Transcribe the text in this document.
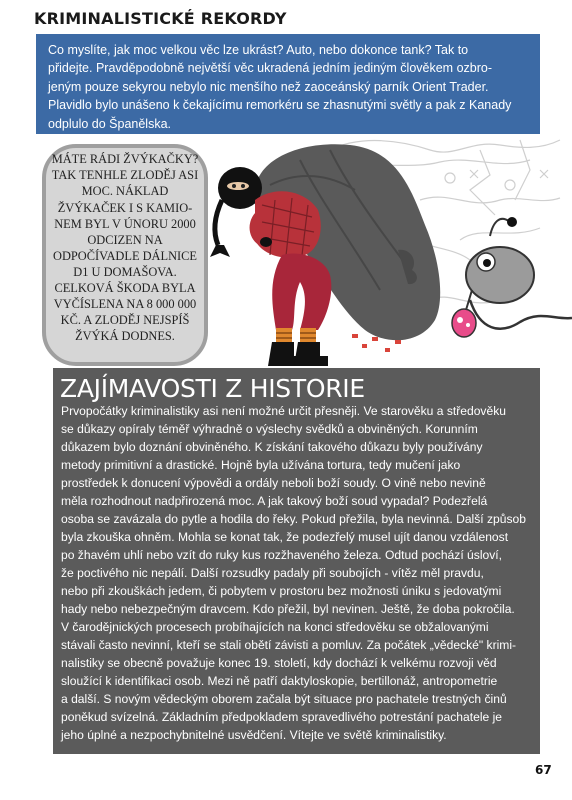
KRIMINALISTICKÉ REKORDY
Co myslíte, jak moc velkou věc lze ukrást? Auto, nebo dokonce tank? Tak to
přidejte. Pravděpodobně největší věc ukradená jedním jediným člověkem ozbro-
jeným pouze sekyrou nebylo nic menšího než zaoceánský parník Orient Trader.
Plavidlo bylo unášeno k čekajícímu remorkéru se zhasnutými světly a pak z Kanady
odplulo do Španělska.
MÁTE RÁDI ŽVÝKAČKY?
TAK TENHLE ZLODĚJ ASI
MOC. NÁKLAD
ŽVÝKAČEK I S KAMIO-
NEM BYL V ÚNORU 2000
ODCIZEN NA
ODPOČÍVADLE DÁLNICE
D1 U DOMAŠOVA.
CELKOVÁ ŠKODA BYLA
VYČÍSLENA NA 8 000 000
KČ. A ZLODĚJ NEJSPÍŠ
ŽVÝKÁ DODNES.
ZAJÍMAVOSTI Z HISTORIE
Prvopočátky kriminalistiky asi není možné určit přesněji. Ve starověku a středověku
se důkazy opíraly téměř výhradně o výslechy svědků a obviněných. Korunním
důkazem bylo doznání obviněného. K získání takového důkazu byly používány
metody primitivní a drastické. Hojně byla užívána tortura, tedy mučení jako
prostředek k donucení výpovědi a ordály neboli boží soudy. O vině nebo nevině
měla rozhodnout nadpřirozená moc. A jak takový boží soud vypadal? Podezřelá
osoba se zavázala do pytle a hodila do řeky. Pokud přežila, byla nevinná. Další způsob
byla zkouška ohněm. Mohla se konat tak, že podezřelý musel ujít danou vzdálenost
po žhavém uhlí nebo vzít do ruky kus rozžhaveného železa. Odtud pochází úsloví,
že poctivého nic nepálí. Další rozsudky padaly při soubojích - vítěz měl pravdu,
nebo při zkouškách jedem, či pobytem v prostoru bez možnosti úniku s jedovatými
hady nebo nebezpečným dravcem. Kdo přežil, byl nevinen. Ještě, že doba pokročila.
V čarodějnických procesech probíhajících na konci středověku se obžalovanými
stávali často nevinní, kteří se stali obětí závisti a pomluv. Za počátek „vědecké" krimi-
nalistiky se obecně považuje konec 19. století, kdy dochází k velkému rozvoji věd
sloužící k identifikaci osob. Mezi ně patří daktyloskopie, bertillonáž, antropometrie
a další. S novým vědeckým oborem začala být situace pro pachatele trestných činů
poněkud svízelná. Základním předpokladem spravedlivého potrestání pachatele je
jeho úplné a nezpochybnitelné usvědčení. Vítejte ve světě kriminalistiky.
67
